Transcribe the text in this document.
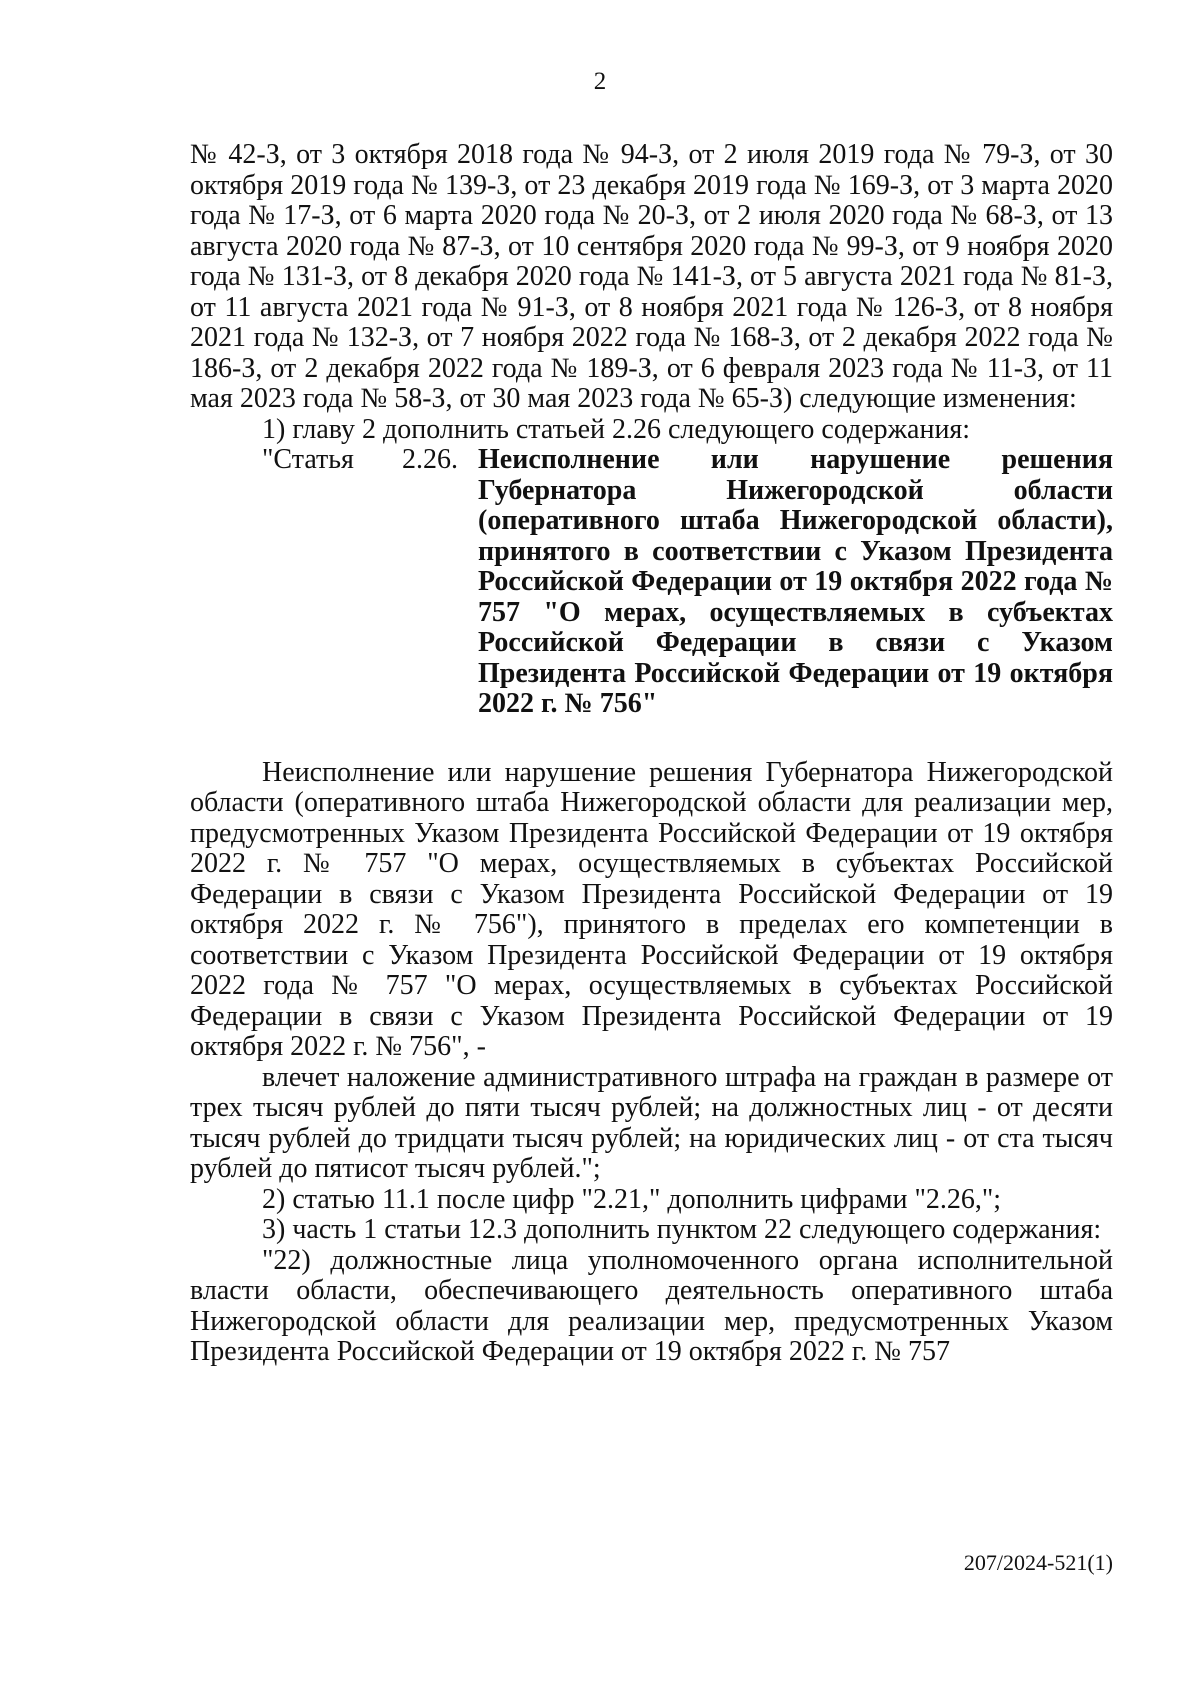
2

№ 42-З, от 3 октября 2018 года № 94-З, от 2 июля 2019 года № 79-З, от 30 октября 2019 года № 139-З, от 23 декабря 2019 года № 169-З, от 3 марта 2020 года № 17-З, от 6 марта 2020 года № 20-З, от 2 июля 2020 года № 68-З, от 13 августа 2020 года № 87-З, от 10 сентября 2020 года № 99-З, от 9 ноября 2020 года № 131-З, от 8 декабря 2020 года № 141-З, от 5 августа 2021 года № 81-З, от 11 августа 2021 года № 91-З, от 8 ноября 2021 года № 126-З, от 8 ноября 2021 года № 132-З, от 7 ноября 2022 года № 168-З, от 2 декабря 2022 года № 186-З, от 2 декабря 2022 года № 189-З, от 6 февраля 2023 года № 11-З, от 11 мая 2023 года № 58-З, от 30 мая 2023 года № 65-З) следующие изменения:

1) главу 2 дополнить статьей 2.26 следующего содержания:

"Статья	2.26. Неисполнение или нарушение решения Губернатора Нижегородской области (оперативного штаба Нижегородской области), принятого в соответствии с Указом Президента Российской Федерации от 19 октября 2022 года № 757 "О мерах, осуществляемых в субъектах Российской Федерации в связи с Указом Президента Российской Федерации от 19 октября 2022 г. № 756"

Неисполнение или нарушение решения Губернатора Нижегородской области (оперативного штаба Нижегородской области для реализации мер, предусмотренных Указом Президента Российской Федерации от 19 октября 2022 г. № 757 "О мерах, осуществляемых в субъектах Российской Федерации в связи с Указом Президента Российской Федерации от 19 октября 2022 г. № 756"), принятого в пределах его компетенции в соответствии с Указом Президента Российской Федерации от 19 октября 2022 года № 757 "О мерах, осуществляемых в субъектах Российской Федерации в связи с Указом Президента Российской Федерации от 19 октября 2022 г. № 756", -

влечет наложение административного штрафа на граждан в размере от трех тысяч рублей до пяти тысяч рублей; на должностных лиц - от десяти тысяч рублей до тридцати тысяч рублей; на юридических лиц - от ста тысяч рублей до пятисот тысяч рублей.";

2) статью 11.1 после цифр "2.21," дополнить цифрами "2.26,";

3) часть 1 статьи 12.3 дополнить пунктом 22 следующего содержания:

"22) должностные лица уполномоченного органа исполнительной власти области, обеспечивающего деятельность оперативного штаба Нижегородской области для реализации мер, предусмотренных Указом Президента Российской Федерации от 19 октября 2022 г. № 757

207/2024-521(1)
